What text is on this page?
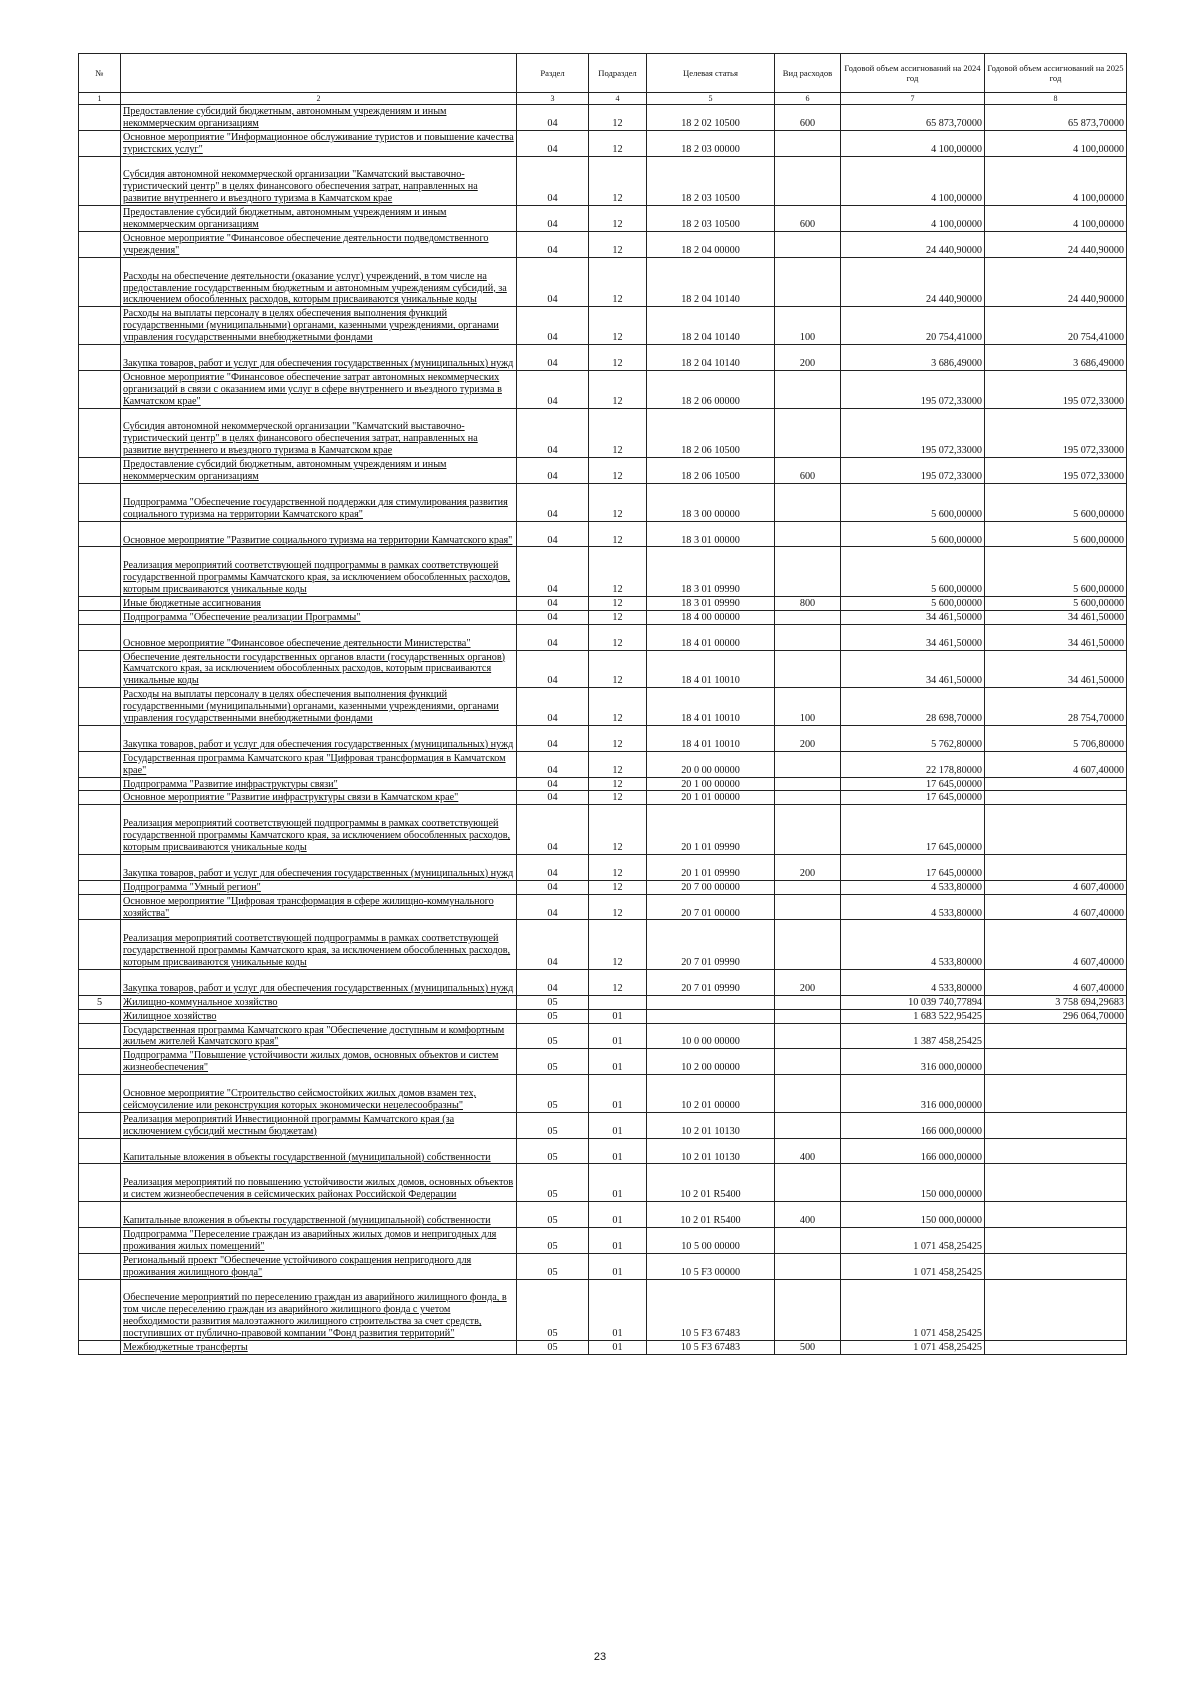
№		Раздел	Подраздел	Целевая статья	Вид расходов	Годовой объем ассигнований на 2024 год	Годовой объем ассигнований на 2025 год
1	2	3	4	5	6	7	8
	Предоставление субсидий бюджетным, автономным учреждениям и иным некоммерческим организациям	04	12	18 2 02 10500	600	65 873,70000	65 873,70000
	Основное мероприятие "Информационное обслуживание туристов и повышение качества туристских услуг"	04	12	18 2 03 00000		4 100,00000	4 100,00000
	Субсидия автономной некоммерческой организации "Камчатский выставочно-туристический центр" в целях финансового обеспечения затрат, направленных на развитие внутреннего и въездного туризма в Камчатском крае	04	12	18 2 03 10500		4 100,00000	4 100,00000
	Предоставление субсидий бюджетным, автономным учреждениям и иным некоммерческим организациям	04	12	18 2 03 10500	600	4 100,00000	4 100,00000
	Основное мероприятие "Финансовое обеспечение деятельности подведомственного учреждения"	04	12	18 2 04 00000		24 440,90000	24 440,90000
	Расходы на обеспечение деятельности (оказание услуг) учреждений, в том числе на предоставление государственным бюджетным и автономным учреждениям субсидий, за исключением обособленных расходов, которым присваиваются уникальные коды	04	12	18 2 04 10140		24 440,90000	24 440,90000
	Расходы на выплаты персоналу в целях обеспечения выполнения функций государственными (муниципальными) органами, казенными учреждениями, органами управления государственными внебюджетными фондами	04	12	18 2 04 10140	100	20 754,41000	20 754,41000
	Закупка товаров, работ и услуг для обеспечения государственных (муниципальных) нужд	04	12	18 2 04 10140	200	3 686,49000	3 686,49000
	Основное мероприятие "Финансовое обеспечение затрат автономных некоммерческих организаций в связи с оказанием ими услуг в сфере внутреннего и въездного туризма в Камчатском крае"	04	12	18 2 06 00000		195 072,33000	195 072,33000
	Субсидия автономной некоммерческой организации "Камчатский выставочно-туристический центр" в целях финансового обеспечения затрат, направленных на развитие внутреннего и въездного туризма в Камчатском крае	04	12	18 2 06 10500		195 072,33000	195 072,33000
	Предоставление субсидий бюджетным, автономным учреждениям и иным некоммерческим организациям	04	12	18 2 06 10500	600	195 072,33000	195 072,33000
	Подпрограмма "Обеспечение государственной поддержки для стимулирования развития социального туризма на территории Камчатского края"	04	12	18 3 00 00000		5 600,00000	5 600,00000
	Основное мероприятие "Развитие социального туризма на территории Камчатского края"	04	12	18 3 01 00000		5 600,00000	5 600,00000
	Реализация мероприятий соответствующей подпрограммы в рамках соответствующей государственной программы Камчатского края, за исключением обособленных расходов, которым присваиваются уникальные коды	04	12	18 3 01 09990		5 600,00000	5 600,00000
	Иные бюджетные ассигнования	04	12	18 3 01 09990	800	5 600,00000	5 600,00000
	Подпрограмма "Обеспечение реализации Программы"	04	12	18 4 00 00000		34 461,50000	34 461,50000
	Основное мероприятие "Финансовое обеспечение деятельности Министерства"	04	12	18 4 01 00000		34 461,50000	34 461,50000
	Обеспечение деятельности государственных органов власти (государственных органов) Камчатского края, за исключением обособленных расходов, которым присваиваются уникальные коды	04	12	18 4 01 10010		34 461,50000	34 461,50000
	Расходы на выплаты персоналу в целях обеспечения выполнения функций государственными (муниципальными) органами, казенными учреждениями, органами управления государственными внебюджетными фондами	04	12	18 4 01 10010	100	28 698,70000	28 754,70000
	Закупка товаров, работ и услуг для обеспечения государственных (муниципальных) нужд	04	12	18 4 01 10010	200	5 762,80000	5 706,80000
	Государственная программа Камчатского края "Цифровая трансформация в Камчатском крае"	04	12	20 0 00 00000		22 178,80000	4 607,40000
	Подпрограмма "Развитие инфраструктуры связи"	04	12	20 1 00 00000		17 645,00000	
	Основное мероприятие "Развитие инфраструктуры связи в Камчатском крае"	04	12	20 1 01 00000		17 645,00000	
	Реализация мероприятий соответствующей подпрограммы в рамках соответствующей государственной программы Камчатского края, за исключением обособленных расходов, которым присваиваются уникальные коды	04	12	20 1 01 09990		17 645,00000	
	Закупка товаров, работ и услуг для обеспечения государственных (муниципальных) нужд	04	12	20 1 01 09990	200	17 645,00000	
	Подпрограмма "Умный регион"	04	12	20 7 00 00000		4 533,80000	4 607,40000
	Основное мероприятие "Цифровая трансформация в сфере жилищно-коммунального хозяйства"	04	12	20 7 01 00000		4 533,80000	4 607,40000
	Реализация мероприятий соответствующей подпрограммы в рамках соответствующей государственной программы Камчатского края, за исключением обособленных расходов, которым присваиваются уникальные коды	04	12	20 7 01 09990		4 533,80000	4 607,40000
	Закупка товаров, работ и услуг для обеспечения государственных (муниципальных) нужд	04	12	20 7 01 09990	200	4 533,80000	4 607,40000
5	Жилищно-коммунальное хозяйство	05				10 039 740,77894	3 758 694,29683
	Жилищное хозяйство	05	01			1 683 522,95425	296 064,70000
	Государственная программа Камчатского края "Обеспечение доступным и комфортным жильем жителей Камчатского края"	05	01	10 0 00 00000		1 387 458,25425	
	Подпрограмма "Повышение устойчивости жилых домов, основных объектов и систем жизнеобеспечения"	05	01	10 2 00 00000		316 000,00000	
	Основное мероприятие "Строительство сейсмостойких жилых домов взамен тех, сейсмоусиление или реконструкция которых экономически нецелесообразны"	05	01	10 2 01 00000		316 000,00000	
	Реализация мероприятий Инвестиционной программы Камчатского края (за исключением субсидий местным бюджетам)	05	01	10 2 01 10130		166 000,00000	
	Капитальные вложения в объекты государственной (муниципальной) собственности	05	01	10 2 01 10130	400	166 000,00000	
	Реализация мероприятий по повышению устойчивости жилых домов, основных объектов и систем жизнеобеспечения в сейсмических районах Российской Федерации	05	01	10 2 01 R5400		150 000,00000	
	Капитальные вложения в объекты государственной (муниципальной) собственности	05	01	10 2 01 R5400	400	150 000,00000	
	Подпрограмма "Переселение граждан из аварийных жилых домов и непригодных для проживания жилых помещений"	05	01	10 5 00 00000		1 071 458,25425	
	Региональный проект "Обеспечение устойчивого сокращения непригодного для проживания жилищного фонда"	05	01	10 5 F3 00000		1 071 458,25425	
	Обеспечение мероприятий по переселению граждан из аварийного жилищного фонда, в том числе переселению граждан из аварийного жилищного фонда с учетом необходимости развития малоэтажного жилищного строительства за счет средств, поступивших от публично-правовой компании "Фонд развития территорий"	05	01	10 5 F3 67483		1 071 458,25425	
	Межбюджетные трансферты	05	01	10 5 F3 67483	500	1 071 458,25425	
23
